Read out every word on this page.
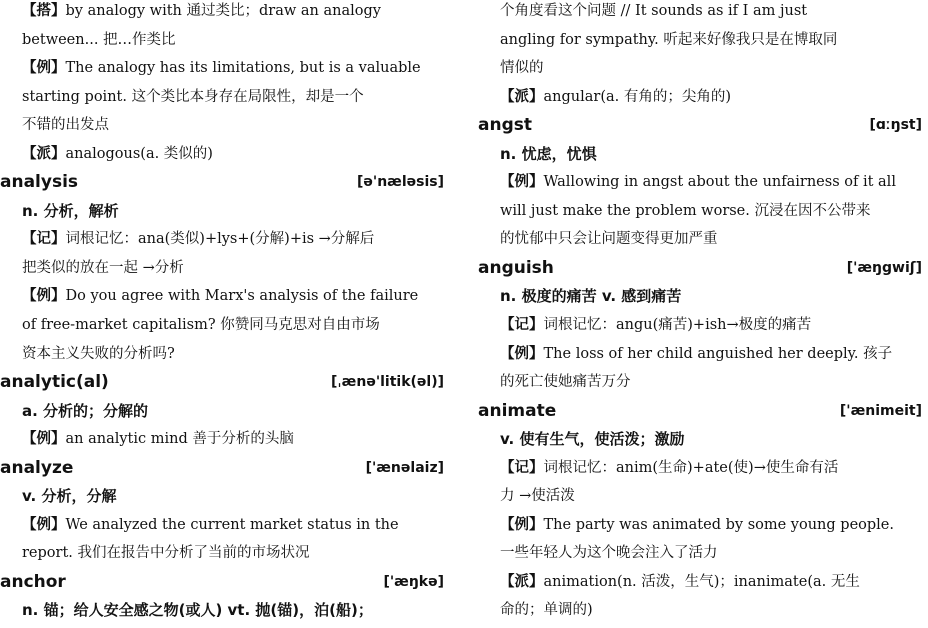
【搭】by analogy with 通过类比；draw an analogy
between... 把…作类比
【例】The analogy has its limitations, but is a valuable
starting point. 这个类比本身存在局限性，却是一个
不错的出发点
【派】analogous(a. 类似的)
analysis	[ə'næləsis]
n. 分析，解析
【记】词根记忆：ana(类似)+lys+(分解)+is →分解后
把类似的放在一起 →分析
【例】Do you agree with Marx's analysis of the failure
of free-market capitalism? 你赞同马克思对自由市场
资本主义失败的分析吗?
analytic(al)	[ˌænə'litik(əl)]
a. 分析的；分解的
【例】an analytic mind 善于分析的头脑
analyze	['ænəlaiz]
v. 分析，分解
【例】We analyzed the current market status in the
report. 我们在报告中分析了当前的市场状况
anchor	['æŋkə]
n. 锚；给人安全感之物(或人) vt. 抛(锚)，泊(船)；
个角度看这个问题 // It sounds as if I am just
angling for sympathy. 听起来好像我只是在博取同
情似的
【派】angular(a. 有角的；尖角的)
angst	[ɑːŋst]
n. 忧虑，忧惧
【例】Wallowing in angst about the unfairness of it all
will just make the problem worse. 沉浸在因不公带来
的忧郁中只会让问题变得更加严重
anguish	['æŋgwiʃ]
n. 极度的痛苦 v. 感到痛苦
【记】词根记忆：angu(痛苦)+ish→极度的痛苦
【例】The loss of her child anguished her deeply. 孩子
的死亡使她痛苦万分
animate	['ænimeit]
v. 使有生气，使活泼；激励
【记】词根记忆：anim(生命)+ate(使)→使生命有活
力 →使活泼
【例】The party was animated by some young people.
一些年轻人为这个晚会注入了活力
【派】animation(n. 活泼，生气)；inanimate(a. 无生
命的；单调的)
